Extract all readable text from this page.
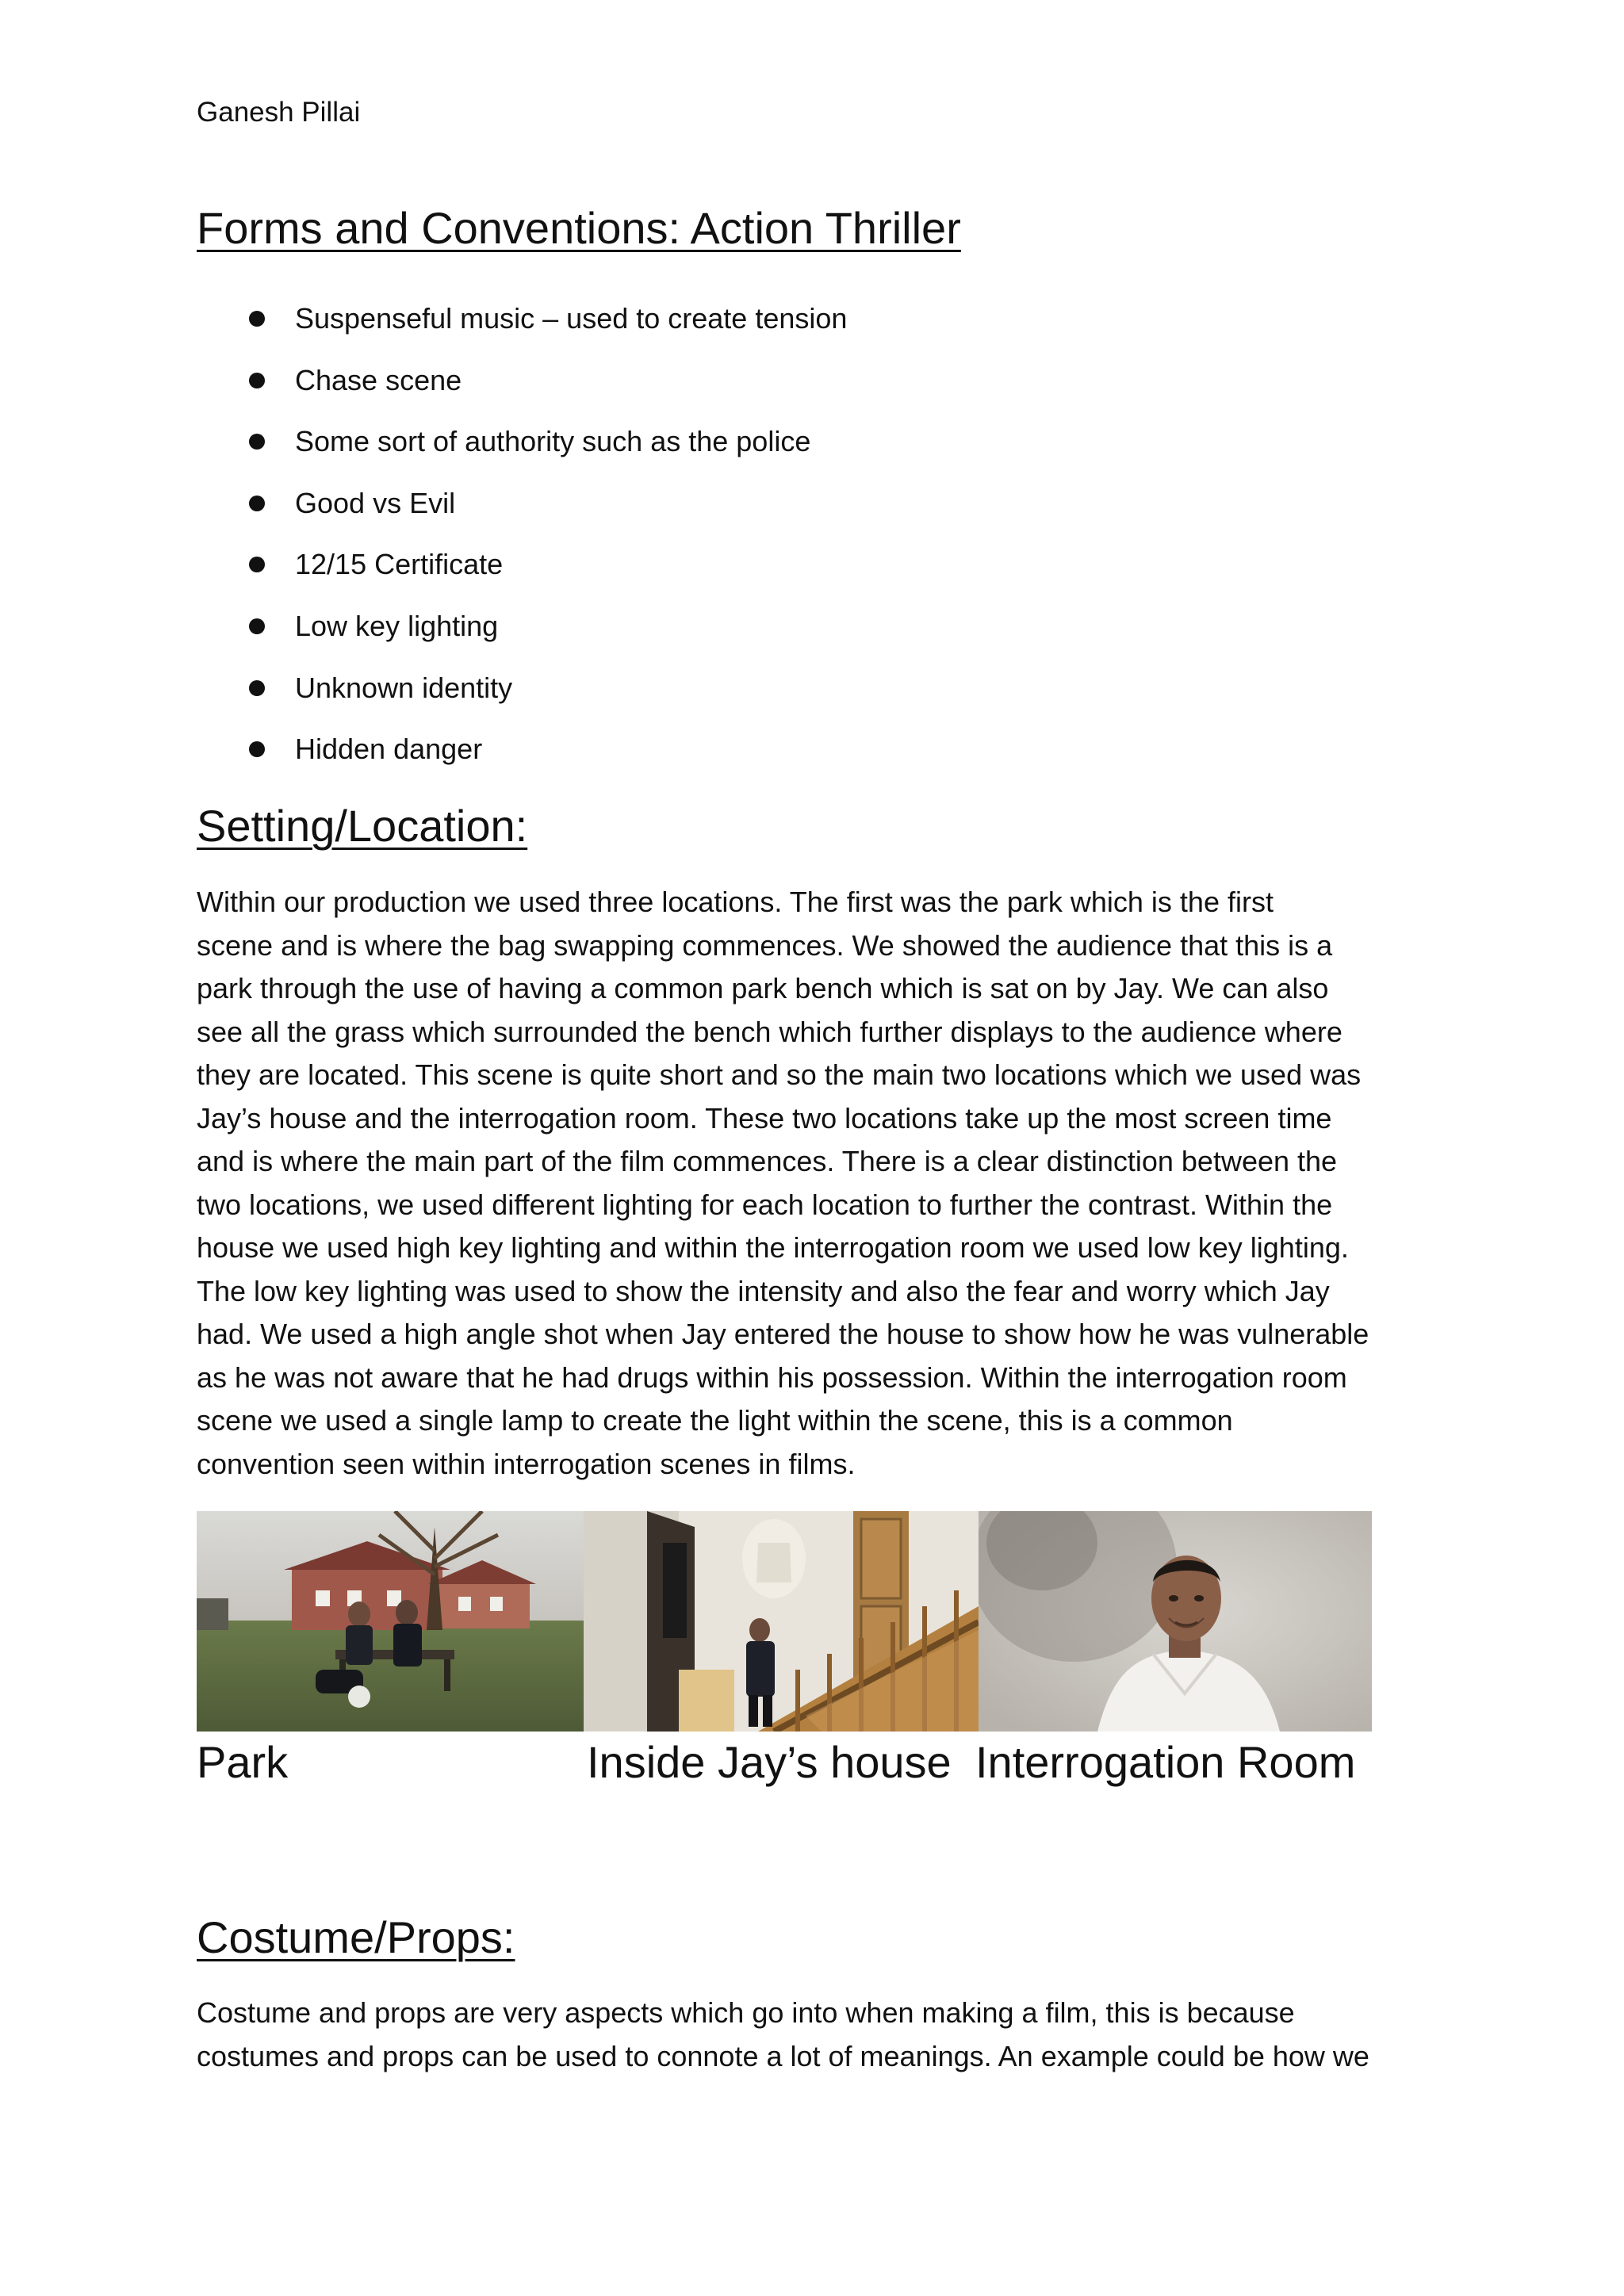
Ganesh Pillai
Forms and Conventions: Action Thriller
Suspenseful music – used to create tension
Chase scene
Some sort of authority such as the police
Good vs Evil
12/15 Certificate
Low key lighting
Unknown identity
Hidden danger
Setting/Location:
Within our production we used three locations. The first was the park which is the first
scene and is where the bag swapping commences. We showed the audience that this is a
park through the use of having a common park bench which is sat on by Jay. We can also
see all the grass which surrounded the bench which further displays to the audience where
they are located. This scene is quite short and so the main two locations which we used was
Jay’s house and the interrogation room. These two locations take up the most screen time
and is where the main part of the film commences. There is a clear distinction between the
two locations, we used different lighting for each location to further the contrast. Within the
house we used high key lighting and within the interrogation room we used low key lighting.
The low key lighting was used to show the intensity and also the fear and worry which Jay
had. We used a high angle shot when Jay entered the house to show how he was vulnerable
as he was not aware that he had drugs within his possession. Within the interrogation room
scene we used a single lamp to create the light within the scene, this is a common
convention seen within interrogation scenes in films.
Park	Inside Jay’s house Interrogation Room
Costume/Props:
Costume and props are very aspects which go into when making a film, this is because
costumes and props can be used to connote a lot of meanings. An example could be how we
